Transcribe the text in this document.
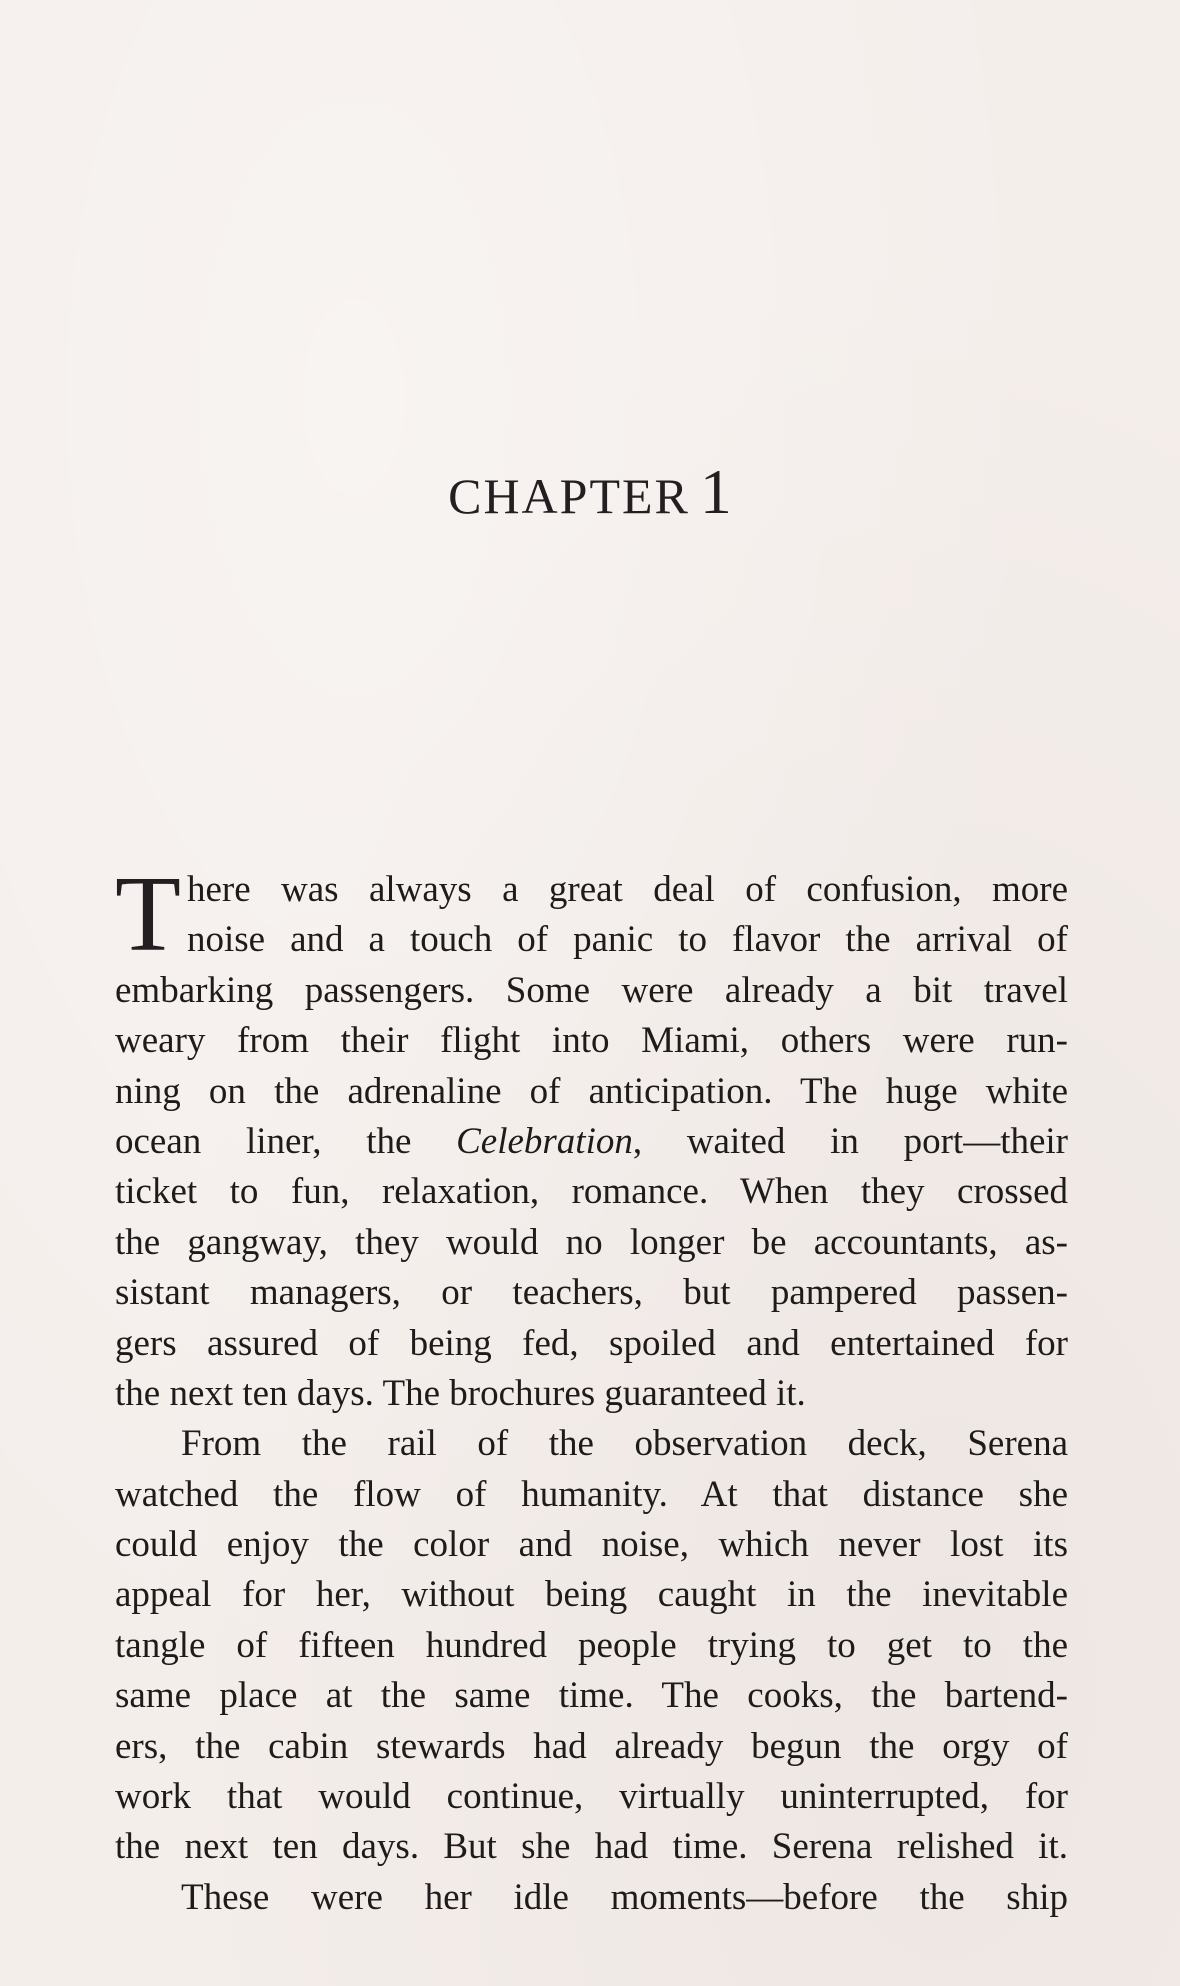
CHAPTER 1
T here was always a great deal of confusion, more
noise and a touch of panic to flavor the arrival of
embarking passengers. Some were already a bit travel
weary from their flight into Miami, others were run-
ning on the adrenaline of anticipation. The huge white
ocean liner, the Celebration, waited in port—their
ticket to fun, relaxation, romance. When they crossed
the gangway, they would no longer be accountants, as-
sistant managers, or teachers, but pampered passen-
gers assured of being fed, spoiled and entertained for
the next ten days. The brochures guaranteed it.
From the rail of the observation deck, Serena
watched the flow of humanity. At that distance she
could enjoy the color and noise, which never lost its
appeal for her, without being caught in the inevitable
tangle of fifteen hundred people trying to get to the
same place at the same time. The cooks, the bartend-
ers, the cabin stewards had already begun the orgy of
work that would continue, virtually uninterrupted, for
the next ten days. But she had time. Serena relished it.
These were her idle moments—before the ship
